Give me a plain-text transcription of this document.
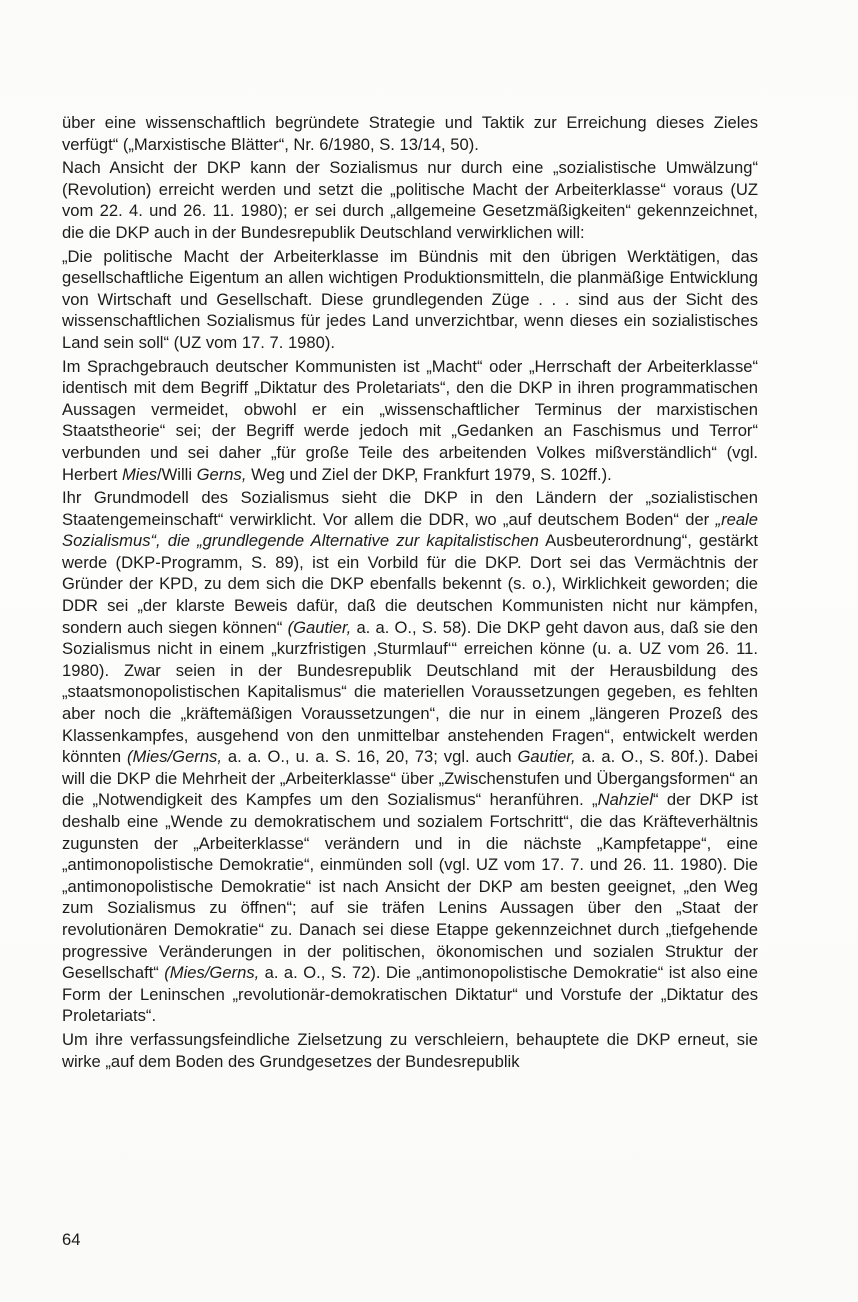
über eine wissenschaftlich begründete Strategie und Taktik zur Erreichung dieses Zieles verfügt“ („Marxistische Blätter“, Nr. 6/1980, S. 13/14, 50).

Nach Ansicht der DKP kann der Sozialismus nur durch eine „sozialistische Umwälzung“ (Revolution) erreicht werden und setzt die „politische Macht der Arbeiterklasse“ voraus (UZ vom 22. 4. und 26. 11. 1980); er sei durch „allgemeine Gesetzmäßigkeiten“ gekennzeichnet, die die DKP auch in der Bundesrepublik Deutschland verwirklichen will:

„Die politische Macht der Arbeiterklasse im Bündnis mit den übrigen Werktätigen, das gesellschaftliche Eigentum an allen wichtigen Produktionsmitteln, die planmäßige Entwicklung von Wirtschaft und Gesellschaft. Diese grundlegenden Züge . . . sind aus der Sicht des wissenschaftlichen Sozialismus für jedes Land unverzichtbar, wenn dieses ein sozialistisches Land sein soll“ (UZ vom 17. 7. 1980).

Im Sprachgebrauch deutscher Kommunisten ist „Macht“ oder „Herrschaft der Arbeiterklasse“ identisch mit dem Begriff „Diktatur des Proletariats“, den die DKP in ihren programmatischen Aussagen vermeidet, obwohl er ein „wissenschaftlicher Terminus der marxistischen Staatstheorie“ sei; der Begriff werde jedoch mit „Gedanken an Faschismus und Terror“ verbunden und sei daher „für große Teile des arbeitenden Volkes mißverständlich“ (vgl. Herbert Mies/Willi Gerns, Weg und Ziel der DKP, Frankfurt 1979, S. 102ff.).

Ihr Grundmodell des Sozialismus sieht die DKP in den Ländern der „sozialistischen Staatengemeinschaft“ verwirklicht. Vor allem die DDR, wo „auf deutschem Boden“ der „reale Sozialismus“, die „grundlegende Alternative zur kapitalistischen Ausbeuterordnung“, gestärkt werde (DKP-Programm, S. 89), ist ein Vorbild für die DKP. Dort sei das Vermächtnis der Gründer der KPD, zu dem sich die DKP ebenfalls bekennt (s. o.), Wirklichkeit geworden; die DDR sei „der klarste Beweis dafür, daß die deutschen Kommunisten nicht nur kämpfen, sondern auch siegen können“ (Gautier, a. a. O., S. 58). Die DKP geht davon aus, daß sie den Sozialismus nicht in einem „kurzfristigen ‚Sturmlauf‘“ erreichen könne (u. a. UZ vom 26. 11. 1980). Zwar seien in der Bundesrepublik Deutschland mit der Herausbildung des „staatsmonopolistischen Kapitalismus“ die materiellen Voraussetzungen gegeben, es fehlten aber noch die „kräftemäßigen Voraussetzungen“, die nur in einem „längeren Prozeß des Klassenkampfes, ausgehend von den unmittelbar anstehenden Fragen“, entwickelt werden könnten (Mies/Gerns, a. a. O., u. a. S. 16, 20, 73; vgl. auch Gautier, a. a. O., S. 80f.). Dabei will die DKP die Mehrheit der „Arbeiterklasse“ über „Zwischenstufen und Übergangsformen“ an die „Notwendigkeit des Kampfes um den Sozialismus“ heranführen. „Nahziel“ der DKP ist deshalb eine „Wende zu demokratischem und sozialem Fortschritt“, die das Kräfteverhältnis zugunsten der „Arbeiterklasse“ verändern und in die nächste „Kampfetappe“, eine „antimonopolistische Demokratie“, einmünden soll (vgl. UZ vom 17. 7. und 26. 11. 1980). Die „antimonopolistische Demokratie“ ist nach Ansicht der DKP am besten geeignet, „den Weg zum Sozialismus zu öffnen“; auf sie träfen Lenins Aussagen über den „Staat der revolutionären Demokratie“ zu. Danach sei diese Etappe gekennzeichnet durch „tiefgehende progressive Veränderungen in der politischen, ökonomischen und sozialen Struktur der Gesellschaft“ (Mies/Gerns, a. a. O., S. 72). Die „antimonopolistische Demokratie“ ist also eine Form der Leninschen „revolutionär-demokratischen Diktatur“ und Vorstufe der „Diktatur des Proletariats“.

Um ihre verfassungsfeindliche Zielsetzung zu verschleiern, behauptete die DKP erneut, sie wirke „auf dem Boden des Grundgesetzes der Bundesrepublik

64
